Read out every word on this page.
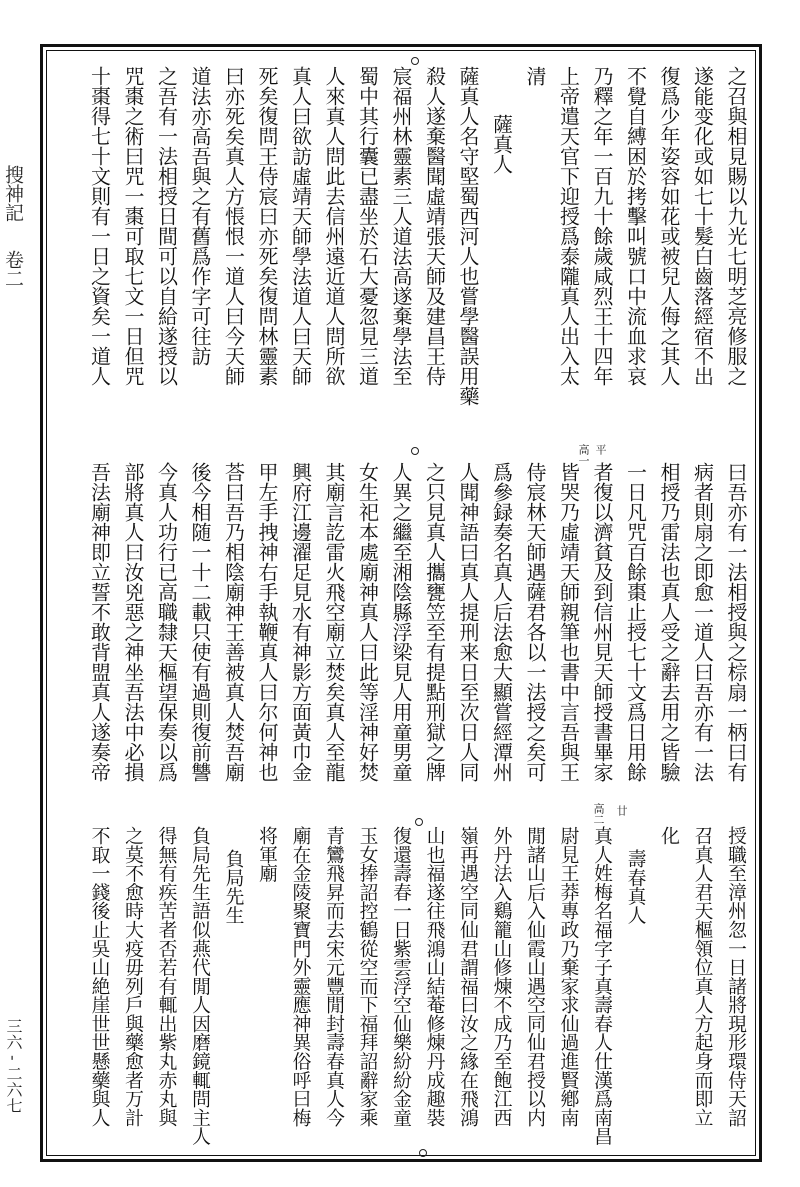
搜神記
卷二
三六 - 二六七
高一 平
高二 廿
之召與相見賜以九光七明芝亮修服之
遂能变化或如七十髮白齒落經宿不出
復爲少年姿容如花或被兒人侮之其人
不覺自縛困於拷擊叫號口中流血求哀
乃釋之年一百九十餘歲咸烈王十四年
上帝遣天官下迎授爲泰隴真人出入太
清
薩真人
薩真人名守堅蜀西河人也嘗學醫誤用藥
殺人遂棄醫聞虛靖張天師及建昌王侍
宸福州林靈素三人道法高遂棄學法至
蜀中其行囊已盡坐於石大憂忽見三道
人來真人問此去信州遠近道人問所欲
真人曰欲訪虛靖天師學法道人曰天師
死矣復問王侍宸曰亦死矣復問林靈素
曰亦死矣真人方悵恨一道人曰今天師
道法亦高吾與之有舊爲作字可往訪
之吾有一法相授日間可以自給遂授以
咒棗之術曰咒一棗可取七文一日但咒
十棗得七十文則有一日之資矣一道人
曰吾亦有一法相授與之棕扇一柄曰有
病者則扇之即愈一道人曰吾亦有一法
相授乃雷法也真人受之辭去用之皆驗
一日凡咒百餘棗止授七十文爲日用餘
者復以濟貧及到信州見天師授書畢家
皆哭乃虛靖天師親筆也書中言吾與王
侍宸林天師遇薩君各以一法授之矣可
爲參録奏名真人后法愈大顯嘗經潭州
人聞神語曰真人提刑来日至次日人同
之只見真人攜甕笠至有提點刑獄之牌
人異之繼至湘陰縣浮梁見人用童男童
女生祀本處廟神真人曰此等淫神好焚
其廟言訖雷火飛空廟立焚矣真人至龍
興府江邊濯足見水有神影方面黃巾金
甲左手拽神右手執鞭真人曰尔何神也
荅曰吾乃相陰廟神王善被真人焚吾廟
後今相随一十二載只使有過則復前讐
今真人功行已高職隸天樞望保奏以爲
部將真人曰汝兇惡之神坐吾法中必損
吾法廟神即立誓不敢背盟真人遂奏帝
授職至漳州忽一日諸將現形環侍天詔
召真人君天樞領位真人方起身而即立
化
壽春真人
真人姓梅名福字子真壽春人仕漢爲南昌
尉見王莽專政乃棄家求仙過進賢鄕南
閒諸山后入仙霞山遇空同仙君授以内
外丹法入鷄籠山修煉不成乃至飽江西
嶺再遇空同仙君謂福曰汝之緣在飛鴻
山也福遂往飛鴻山結菴修煉丹成趣裝
復還壽春一日紫雲浮空仙樂紛紛金童
玉女捧詔控鶴從空而下福拜詔辭家乘
青鸞飛昇而去宋元豐閒封壽春真人今
廟在金陵聚寶門外靈應神異俗呼曰梅
将軍廟
負局先生
負局先生語似燕代閒人因磨鏡輒問主人
得無有疾苦者否若有輒出紫丸赤丸與
之莫不愈時大疫毋列戶與藥愈者万計
不取一錢後止吳山絶崖世世懸藥與人
